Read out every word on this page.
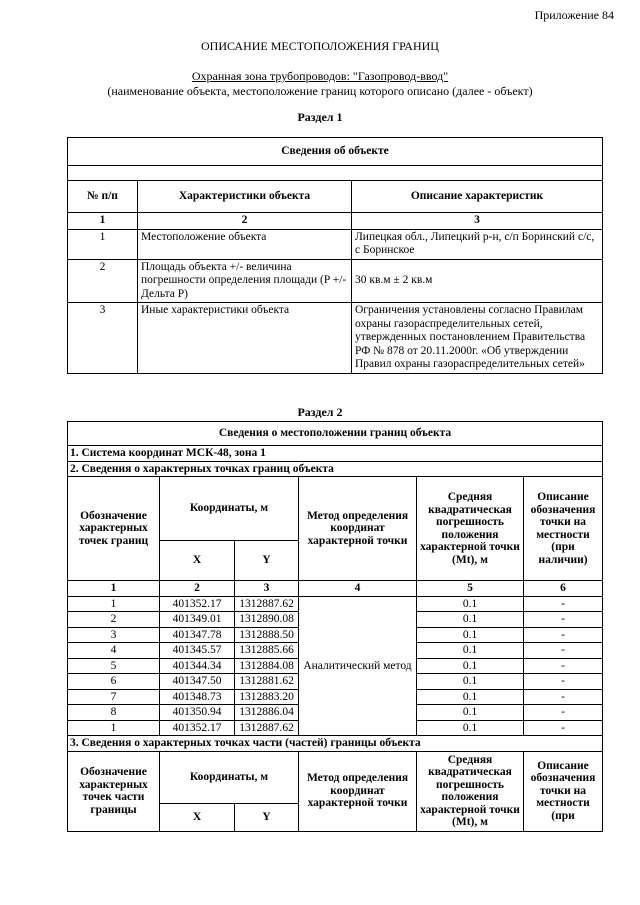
Приложение 84
ОПИСАНИЕ МЕСТОПОЛОЖЕНИЯ ГРАНИЦ
Охранная зона трубопроводов: "Газопровод-ввод"
(наименование объекта, местоположение границ которого описано (далее - объект)
Раздел 1
Сведения об объекте		

№ п/п	Характеристики объекта	Описание характеристик
1	2	3
1	Местоположение объекта	Липецкая обл., Липецкий р-н, с/п Боринский с/с, с Боринское
2	Площадь объекта +/- величина погрешности определения площади (P +/- Дельта P)	30 кв.м ± 2 кв.м
3	Иные характеристики объекта	Ограничения установлены согласно Правилам охраны газораспределительных сетей, утвержденных постановлением Правительства РФ № 878 от 20.11.2000г. «Об утверждении Правил охраны газораспределительных сетей»
Раздел 2
Сведения о местоположении границ объекта					
1. Система координат МСК-48, зона 1					
2. Сведения о характерных точках границ объекта					
Обозначение характерных точек границ	Координаты, м		Метод определения координат характерной точки	Средняя квадратическая погрешность положения характерной точки (Mt), м	Описание обозначения точки на местности (при наличии)
	X	Y			
1	2	3	4	5	6
1	401352.17	1312887.62	Аналитический метод	0.1	-
2	401349.01	1312890.08		0.1	-
3	401347.78	1312888.50		0.1	-
4	401345.57	1312885.66		0.1	-
5	401344.34	1312884.08		0.1	-
6	401347.50	1312881.62		0.1	-
7	401348.73	1312883.20		0.1	-
8	401350.94	1312886.04		0.1	-
1	401352.17	1312887.62		0.1	-
3. Сведения о характерных точках части (частей) границы объекта					
Обозначение характерных точек части границы	Координаты, м		Метод определения координат характерной точки	Средняя квадратическая погрешность положения характерной точки (Mt), м	Описание обозначения точки на местности (при
	X	Y			
